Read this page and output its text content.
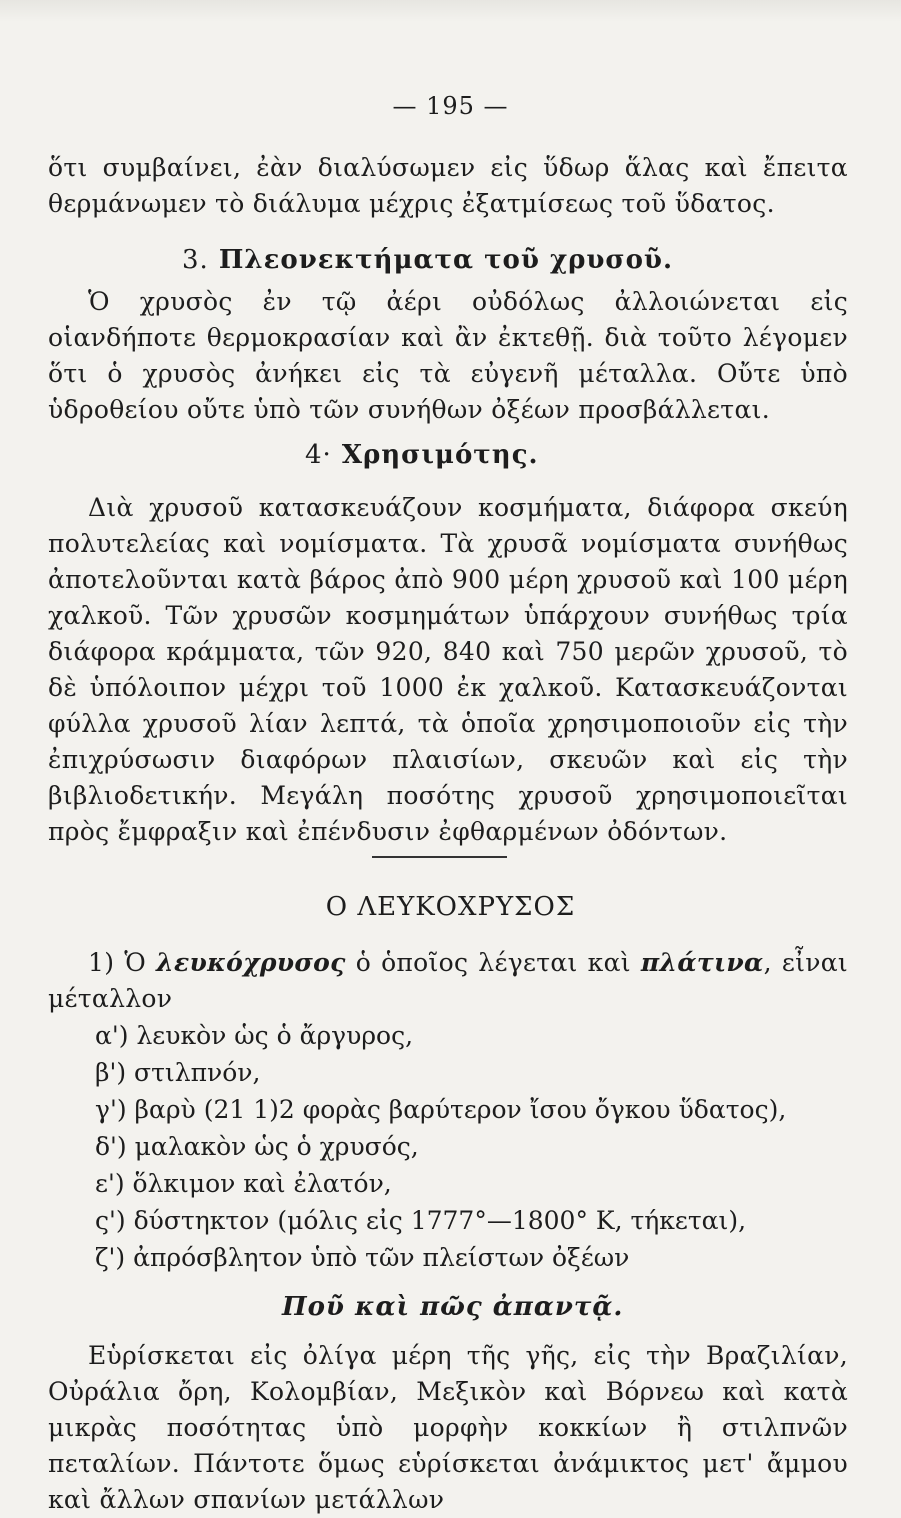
— 195 —

ὅτι συμβαίνει, ἐὰν διαλύσωμεν εἰς ὕδωρ ἅλας καὶ ἔπειτα θερμάνωμεν τὸ διάλυμα μέχρις ἐξατμίσεως τοῦ ὕδατος.

3. Πλεονεκτήματα τοῦ χρυσοῦ.

Ὁ χρυσὸς ἐν τῷ ἀέρι οὐδόλως ἀλλοιώνεται εἰς οἱανδήποτε θερμοκρασίαν καὶ ἂν ἐκτεθῇ. διὰ τοῦτο λέγομεν ὅτι ὁ χρυσὸς ἀνήκει εἰς τὰ εὐγενῆ μέταλλα. Οὔτε ὑπὸ ὑδροθείου οὔτε ὑπὸ τῶν συνήθων ὀξέων προσβάλλεται.

4· Χρησιμότης.

Διὰ χρυσοῦ κατασκευάζουν κοσμήματα, διάφορα σκεύη πολυτελείας καὶ νομίσματα. Τὰ χρυσᾶ νομίσματα συνήθως ἀποτελοῦνται κατὰ βάρος ἀπὸ 900 μέρη χρυσοῦ καὶ 100 μέρη χαλκοῦ. Τῶν χρυσῶν κοσμημάτων ὑπάρχουν συνήθως τρία διάφορα κράμματα, τῶν 920, 840 καὶ 750 μερῶν χρυσοῦ, τὸ δὲ ὑπόλοιπον μέχρι τοῦ 1000 ἐκ χαλκοῦ. Κατασκευάζονται φύλλα χρυσοῦ λίαν λεπτά, τὰ ὁποῖα χρησιμοποιοῦν εἰς τὴν ἐπιχρύσωσιν διαφόρων πλαισίων, σκευῶν καὶ εἰς τὴν βιβλιοδετικήν. Μεγάλη ποσότης χρυσοῦ χρησιμοποιεῖται πρὸς ἔμφραξιν καὶ ἐπένδυσιν ἐφθαρμένων ὀδόντων.

Ο ΛΕΥΚΟΧΡΥΣΟΣ

1) Ὁ λευκόχρυσος ὁ ὁποῖος λέγεται καὶ πλάτινα, εἶναι μέταλλον

α') λευκὸν ὡς ὁ ἄργυρος,
β') στιλπνόν,
γ') βαρὺ (21 1)2 φορὰς βαρύτερον ἴσου ὄγκου ὕδατος),
δ') μαλακὸν ὡς ὁ χρυσός,
ε') ὅλκιμον καὶ ἐλατόν,
ς') δύστηκτον (μόλις εἰς 1777°—1800° Κ, τήκεται),
ζ') ἀπρόσβλητον ὑπὸ τῶν πλείστων ὀξέων
Ποῦ καὶ πῶς ἀπαντᾷ.

Εὑρίσκεται εἰς ὀλίγα μέρη τῆς γῆς, εἰς τὴν Βραζιλίαν, Οὐράλια ὄρη, Κολομβίαν, Μεξικὸν καὶ Βόρνεω καὶ κατὰ μικρὰς ποσότητας ὑπὸ μορφὴν κοκκίων ἢ στιλπνῶν πεταλίων. Πάντοτε ὅμως εὑρίσκεται ἀνάμικτος μετ' ἄμμου καὶ ἄλλων σπανίων μετάλλων
